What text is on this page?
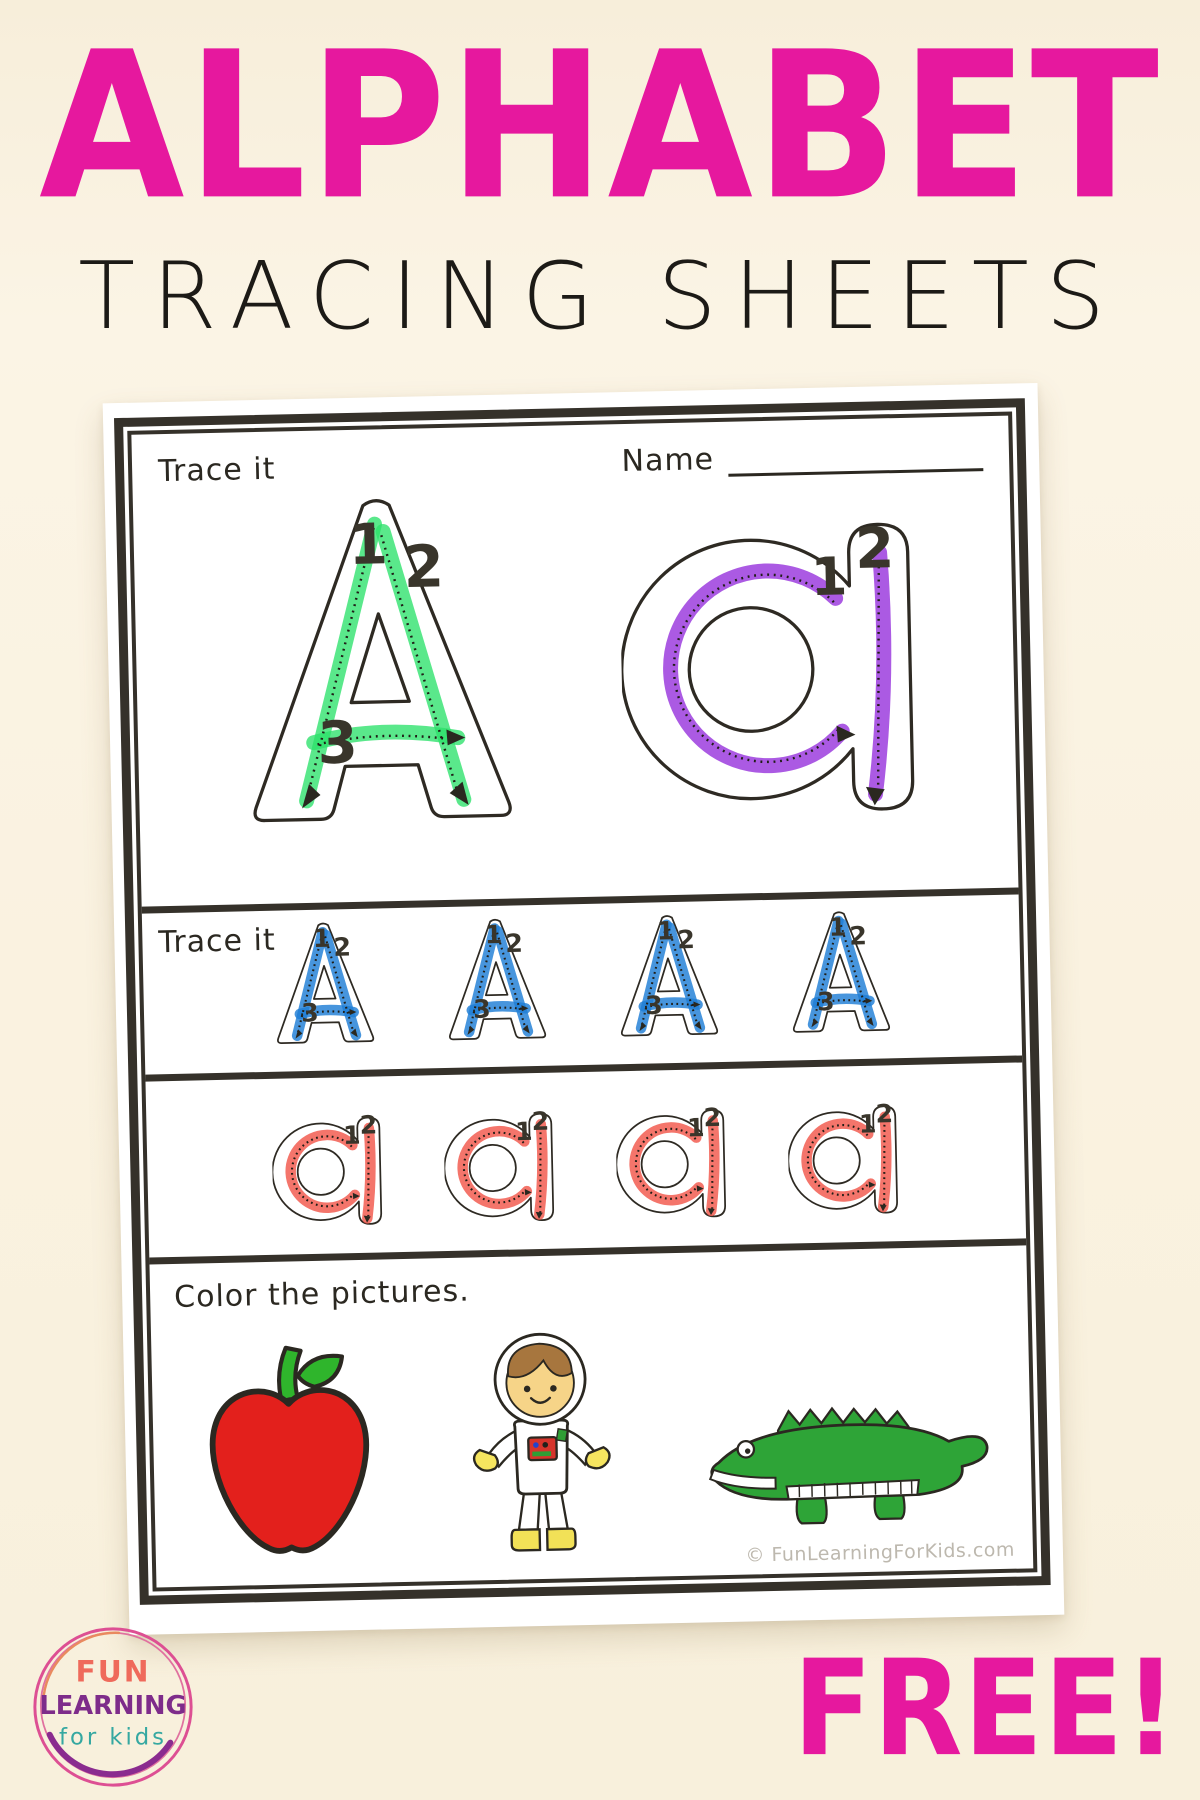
ALPHABET
TRACING SHEETS
Trace it	Name
1 2
3
1 2
Trace it 1 2
3
1 2
3
1 2
3
1 2
3
1
2 1
2 1
2 1
2
Color the pictures.
© FunLearningForKids.com
FUN
LEARNING
for kids	FREE!
